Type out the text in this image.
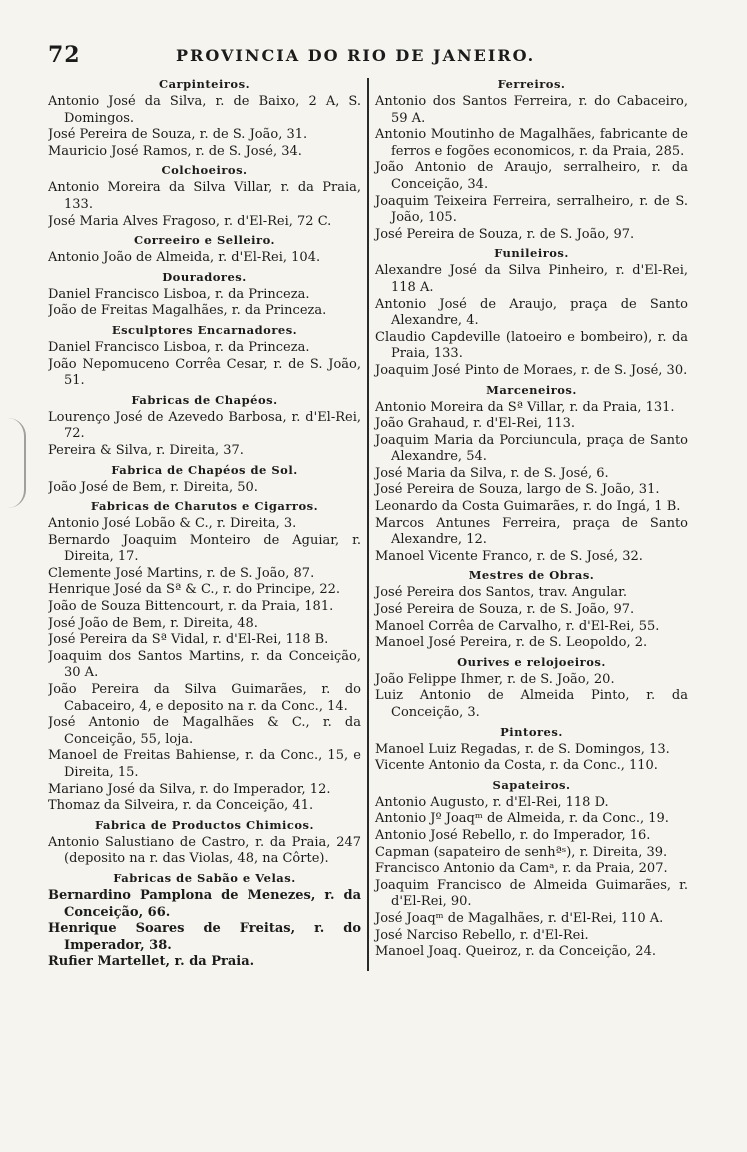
72	PROVINCIA DO RIO DE JANEIRO.
Carpinteiros.
Antonio José da Silva, r. de Baixo, 2 A, S. Domingos.
José Pereira de Souza, r. de S. João, 31.
Mauricio José Ramos, r. de S. José, 34.
Colchoeiros.
Antonio Moreira da Silva Villar, r. da Praia, 133.
José Maria Alves Fragoso, r. d'El-Rei, 72 C.
Correeiro e Selleiro.
Antonio João de Almeida, r. d'El-Rei, 104.
Douradores.
Daniel Francisco Lisboa, r. da Princeza.
João de Freitas Magalhães, r. da Princeza.
Esculptores Encarnadores.
Daniel Francisco Lisboa, r. da Princeza.
João Nepomuceno Corrêa Cesar, r. de S. João, 51.
Fabricas de Chapéos.
Lourenço José de Azevedo Barbosa, r. d'El-Rei, 72.
Pereira & Silva, r. Direita, 37.
Fabrica de Chapéos de Sol.
João José de Bem, r. Direita, 50.
Fabricas de Charutos e Cigarros.
Antonio José Lobão & C., r. Direita, 3.
Bernardo Joaquim Monteiro de Aguiar, r. Direita, 17.
Clemente José Martins, r. de S. João, 87.
Henrique José da Sª & C., r. do Principe, 22.
João de Souza Bittencourt, r. da Praia, 181.
José João de Bem, r. Direita, 48.
José Pereira da Sª Vidal, r. d'El-Rei, 118 B.
Joaquim dos Santos Martins, r. da Conceição, 30 A.
João Pereira da Silva Guimarães, r. do Cabaceiro, 4, e deposito na r. da Conc., 14.
José Antonio de Magalhães & C., r. da Conceição, 55, loja.
Manoel de Freitas Bahiense, r. da Conc., 15, e Direita, 15.
Mariano José da Silva, r. do Imperador, 12.
Thomaz da Silveira, r. da Conceição, 41.
Fabrica de Productos Chimicos.
Antonio Salustiano de Castro, r. da Praia, 247 (deposito na r. das Violas, 48, na Côrte).
Fabricas de Sabão e Velas.
Bernardino Pamplona de Menezes, r. da Conceição, 66.
Henrique Soares de Freitas, r. do Imperador, 38.
Rufier Martellet, r. da Praia.
Ferreiros.
Antonio dos Santos Ferreira, r. do Cabaceiro, 59 A.
Antonio Moutinho de Magalhães, fabricante de ferros e fogões economicos, r. da Praia, 285.
João Antonio de Araujo, serralheiro, r. da Conceição, 34.
Joaquim Teixeira Ferreira, serralheiro, r. de S. João, 105.
José Pereira de Souza, r. de S. João, 97.
Funileiros.
Alexandre José da Silva Pinheiro, r. d'El-Rei, 118 A.
Antonio José de Araujo, praça de Santo Alexandre, 4.
Claudio Capdeville (latoeiro e bombeiro), r. da Praia, 133.
Joaquim José Pinto de Moraes, r. de S. José, 30.
Marceneiros.
Antonio Moreira da Sª Villar, r. da Praia, 131.
João Grahaud, r. d'El-Rei, 113.
Joaquim Maria da Porciuncula, praça de Santo Alexandre, 54.
José Maria da Silva, r. de S. José, 6.
José Pereira de Souza, largo de S. João, 31.
Leonardo da Costa Guimarães, r. do Ingá, 1 B.
Marcos Antunes Ferreira, praça de Santo Alexandre, 12.
Manoel Vicente Franco, r. de S. José, 32.
Mestres de Obras.
José Pereira dos Santos, trav. Angular.
José Pereira de Souza, r. de S. João, 97.
Manoel Corrêa de Carvalho, r. d'El-Rei, 55.
Manoel José Pereira, r. de S. Leopoldo, 2.
Ourives e relojoeiros.
João Felippe Ihmer, r. de S. João, 20.
Luiz Antonio de Almeida Pinto, r. da Conceição, 3.
Pintores.
Manoel Luiz Regadas, r. de S. Domingos, 13.
Vicente Antonio da Costa, r. da Conc., 110.
Sapateiros.
Antonio Augusto, r. d'El-Rei, 118 D.
Antonio Jº Joaqᵐ de Almeida, r. da Conc., 19.
Antonio José Rebello, r. do Imperador, 16.
Capman (sapateiro de senhªˢ), r. Direita, 39.
Francisco Antonio da Camᵃ, r. da Praia, 207.
Joaquim Francisco de Almeida Guimarães, r. d'El-Rei, 90.
José Joaqᵐ de Magalhães, r. d'El-Rei, 110 A.
José Narciso Rebello, r. d'El-Rei.
Manoel Joaq. Queiroz, r. da Conceição, 24.
